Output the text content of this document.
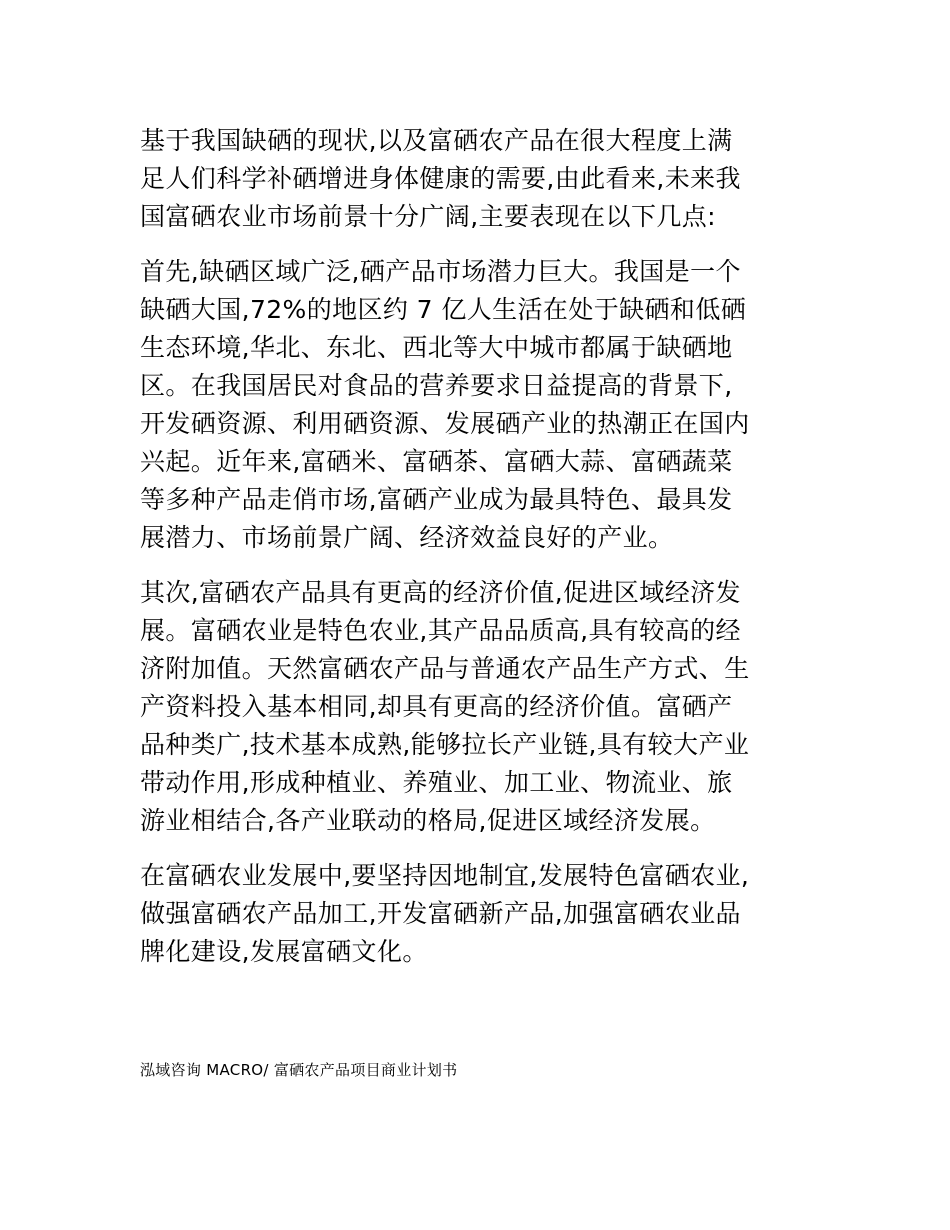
基于我国缺硒的现状,以及富硒农产品在很大程度上满
足人们科学补硒增进身体健康的需要,由此看来,未来我
国富硒农业市场前景十分广阔,主要表现在以下几点:

首先,缺硒区域广泛,硒产品市场潜力巨大。我国是一个
缺硒大国,72%的地区约 7 亿人生活在处于缺硒和低硒
生态环境,华北、东北、西北等大中城市都属于缺硒地
区。在我国居民对食品的营养要求日益提高的背景下,
开发硒资源、利用硒资源、发展硒产业的热潮正在国内
兴起。近年来,富硒米、富硒茶、富硒大蒜、富硒蔬菜
等多种产品走俏市场,富硒产业成为最具特色、最具发
展潜力、市场前景广阔、经济效益良好的产业。

其次,富硒农产品具有更高的经济价值,促进区域经济发
展。富硒农业是特色农业,其产品品质高,具有较高的经
济附加值。天然富硒农产品与普通农产品生产方式、生
产资料投入基本相同,却具有更高的经济价值。富硒产
品种类广,技术基本成熟,能够拉长产业链,具有较大产业
带动作用,形成种植业、养殖业、加工业、物流业、旅
游业相结合,各产业联动的格局,促进区域经济发展。

在富硒农业发展中,要坚持因地制宜,发展特色富硒农业,
做强富硒农产品加工,开发富硒新产品,加强富硒农业品
牌化建设,发展富硒文化。

泓域咨询 MACRO/ 富硒农产品项目商业计划书
